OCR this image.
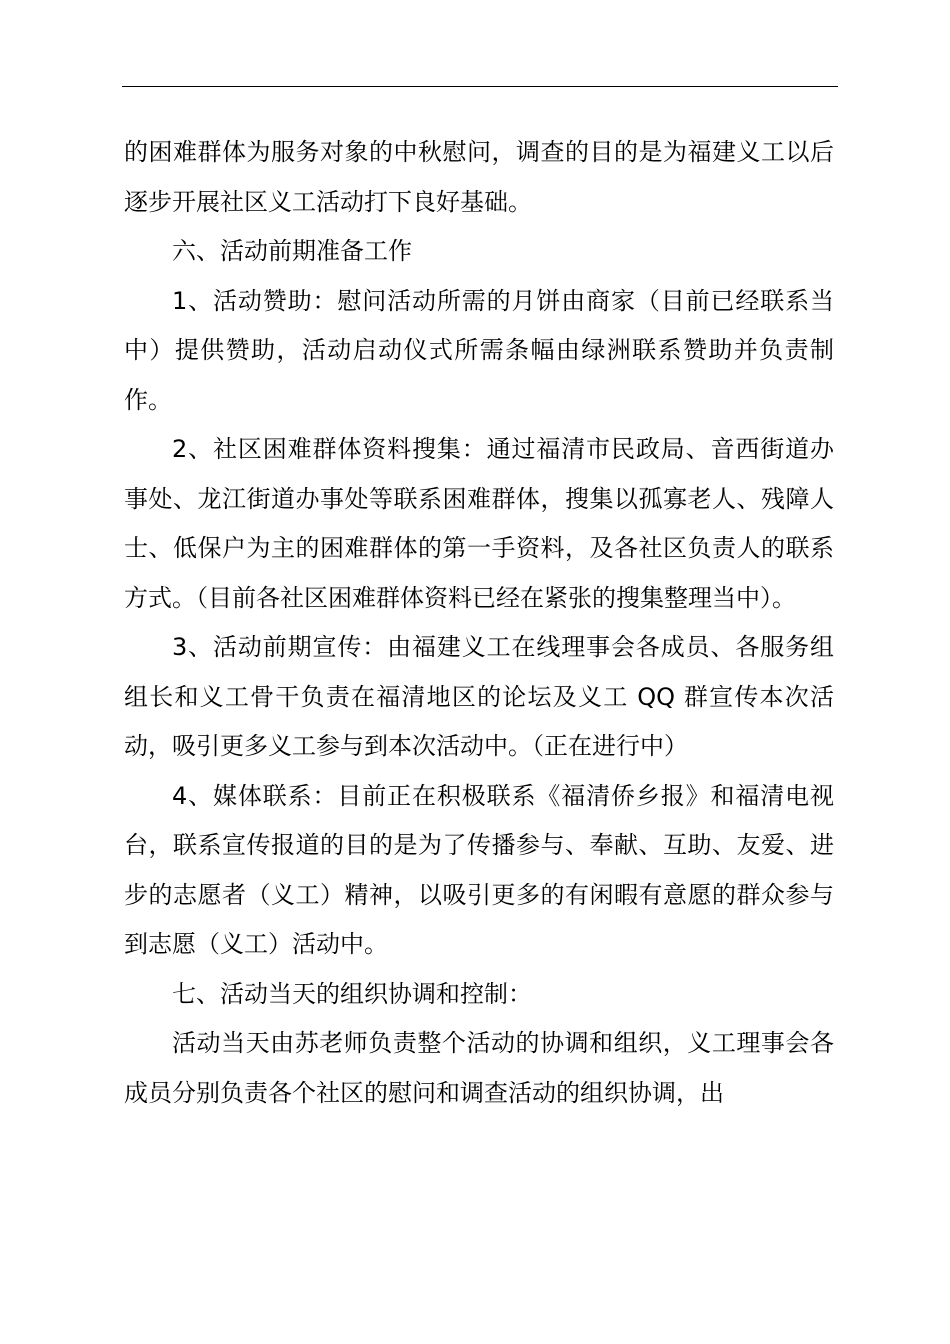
的困难群体为服务对象的中秋慰问，调查的目的是为福建义工以后逐步开展社区义工活动打下良好基础。

六、活动前期准备工作

1、活动赞助：慰问活动所需的月饼由商家（目前已经联系当中）提供赞助，活动启动仪式所需条幅由绿洲联系赞助并负责制作。

2、社区困难群体资料搜集：通过福清市民政局、音西街道办事处、龙江街道办事处等联系困难群体，搜集以孤寡老人、残障人士、低保户为主的困难群体的第一手资料，及各社区负责人的联系方式。（目前各社区困难群体资料已经在紧张的搜集整理当中）。

3、活动前期宣传：由福建义工在线理事会各成员、各服务组组长和义工骨干负责在福清地区的论坛及义工 QQ 群宣传本次活动，吸引更多义工参与到本次活动中。（正在进行中）

4、媒体联系：目前正在积极联系《福清侨乡报》和福清电视台，联系宣传报道的目的是为了传播参与、奉献、互助、友爱、进步的志愿者（义工）精神，以吸引更多的有闲暇有意愿的群众参与到志愿（义工）活动中。

七、活动当天的组织协调和控制：

活动当天由苏老师负责整个活动的协调和组织，义工理事会各成员分别负责各个社区的慰问和调查活动的组织协调，出
